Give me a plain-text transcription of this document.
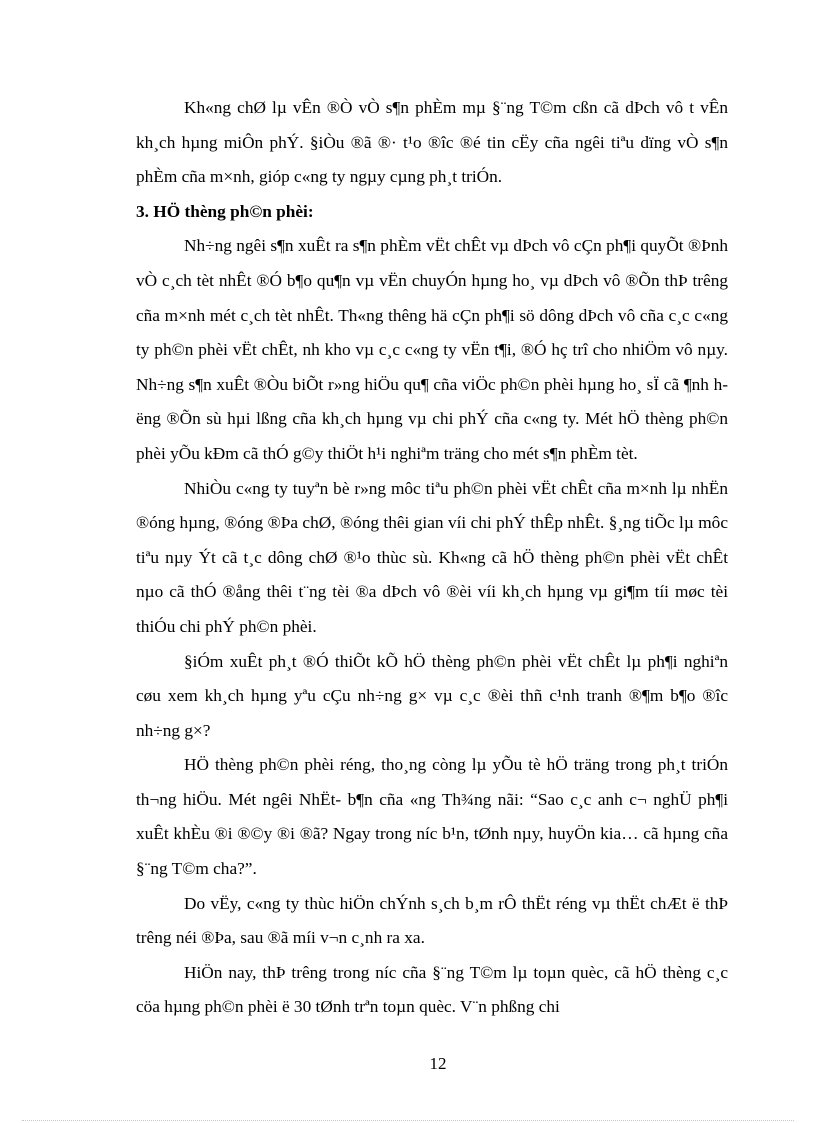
Kh«ng chØ lµ vÊn ®Ò vÒ s¶n phÈm mµ §¨ng T©m cßn cã dÞch vô t vÊn kh¸ch hµng miÔn phÝ. §iÒu ®ã ®· t¹o ®îc ®é tin cËy cña ngêi tiªu dïng vÒ s¶n phÈm cña m×nh, gióp c«ng ty ngµy cµng ph¸t triÓn.

3. HÖ thèng ph©n phèi:

Nh÷ng ngêi s¶n xuÊt ra s¶n phÈm vËt chÊt vµ dÞch vô cÇn ph¶i quyÕt ®Þnh vÒ c¸ch tèt nhÊt ®Ó b¶o qu¶n vµ vËn chuyÓn hµng ho¸ vµ dÞch vô ®Õn thÞ trêng cña m×nh mét c¸ch tèt nhÊt. Th«ng thêng hä cÇn ph¶i sö dông dÞch vô cña c¸c c«ng ty ph©n phèi vËt chÊt, nh kho vµ c¸c c«ng ty vËn t¶i, ®Ó hç trî cho nhiÖm vô nµy. Nh÷ng s¶n xuÊt ®Òu biÕt r»ng hiÖu qu¶ cña viÖc ph©n phèi hµng ho¸ sÏ cã ¶nh hëng ®Õn sù hµi lßng cña kh¸ch hµng vµ chi phÝ cña c«ng ty. Mét hÖ thèng ph©n phèi yÕu kÐm cã thÓ g©y thiÖt h¹i nghiªm träng cho mét s¶n phÈm tèt.

NhiÒu c«ng ty tuyªn bè r»ng môc tiªu ph©n phèi vËt chÊt cña m×nh lµ nhËn ®óng hµng, ®óng ®Þa chØ, ®óng thêi gian víi chi phÝ thÊp nhÊt. §¸ng tiÕc lµ môc tiªu nµy Ýt cã t¸c dông chØ ®¹o thùc sù. Kh«ng cã hÖ thèng ph©n phèi vËt chÊt nµo cã thÓ ®ång thêi t¨ng tèi ®a dÞch vô ®èi víi kh¸ch hµng vµ gi¶m tíi møc tèi thiÓu chi phÝ ph©n phèi.

§iÓm xuÊt ph¸t ®Ó thiÕt kÕ hÖ thèng ph©n phèi vËt chÊt lµ ph¶i nghiªn cøu xem kh¸ch hµng yªu cÇu nh÷ng g× vµ c¸c ®èi thñ c¹nh tranh ®¶m b¶o ®îc nh÷ng g×?

HÖ thèng ph©n phèi réng, tho¸ng còng lµ yÕu tè hÖ träng trong ph¸t triÓn th¬ng hiÖu. Mét ngêi NhËt- b¶n cña «ng Th¾ng nãi: “Sao c¸c anh c¬ nghÜ ph¶i xuÊt khÈu ®i ®©y ®i ®ã? Ngay trong níc b¹n, tØnh nµy, huyÖn kia… cã hµng cña §¨ng T©m cha?”.

Do vËy, c«ng ty thùc hiÖn chÝnh s¸ch b¸m rÔ thËt réng vµ thËt chÆt ë thÞ trêng néi ®Þa, sau ®ã míi v¬n c¸nh ra xa.

HiÖn nay, thÞ trêng trong níc cña §¨ng T©m lµ toµn quèc, cã hÖ thèng c¸c cöa hµng ph©n phèi ë 30 tØnh trªn toµn quèc. V¨n phßng chi

12
